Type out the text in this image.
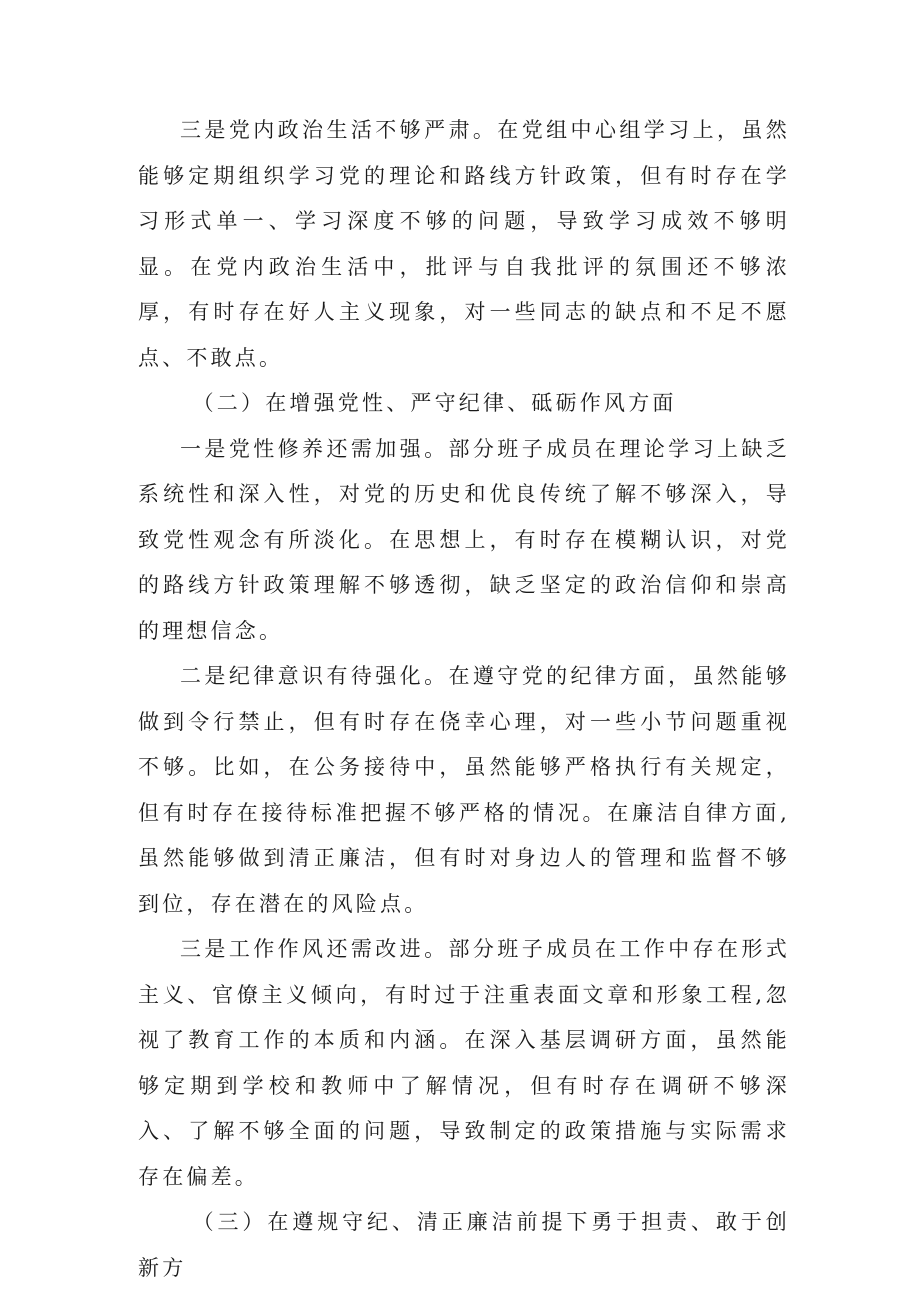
三是党内政治生活不够严肃。在党组中心组学习上，虽然能够定期组织学习党的理论和路线方针政策，但有时存在学习形式单一、学习深度不够的问题，导致学习成效不够明显。在党内政治生活中，批评与自我批评的氛围还不够浓厚，有时存在好人主义现象，对一些同志的缺点和不足不愿点、不敢点。

（二）在增强党性、严守纪律、砥砺作风方面

一是党性修养还需加强。部分班子成员在理论学习上缺乏系统性和深入性，对党的历史和优良传统了解不够深入，导致党性观念有所淡化。在思想上，有时存在模糊认识，对党的路线方针政策理解不够透彻，缺乏坚定的政治信仰和崇高的理想信念。

二是纪律意识有待强化。在遵守党的纪律方面，虽然能够做到令行禁止，但有时存在侥幸心理，对一些小节问题重视不够。比如，在公务接待中，虽然能够严格执行有关规定，但有时存在接待标准把握不够严格的情况。在廉洁自律方面,虽然能够做到清正廉洁，但有时对身边人的管理和监督不够到位，存在潜在的风险点。

三是工作作风还需改进。部分班子成员在工作中存在形式主义、官僚主义倾向，有时过于注重表面文章和形象工程,忽视了教育工作的本质和内涵。在深入基层调研方面，虽然能够定期到学校和教师中了解情况，但有时存在调研不够深入、了解不够全面的问题，导致制定的政策措施与实际需求存在偏差。

（三）在遵规守纪、清正廉洁前提下勇于担责、敢于创新方
